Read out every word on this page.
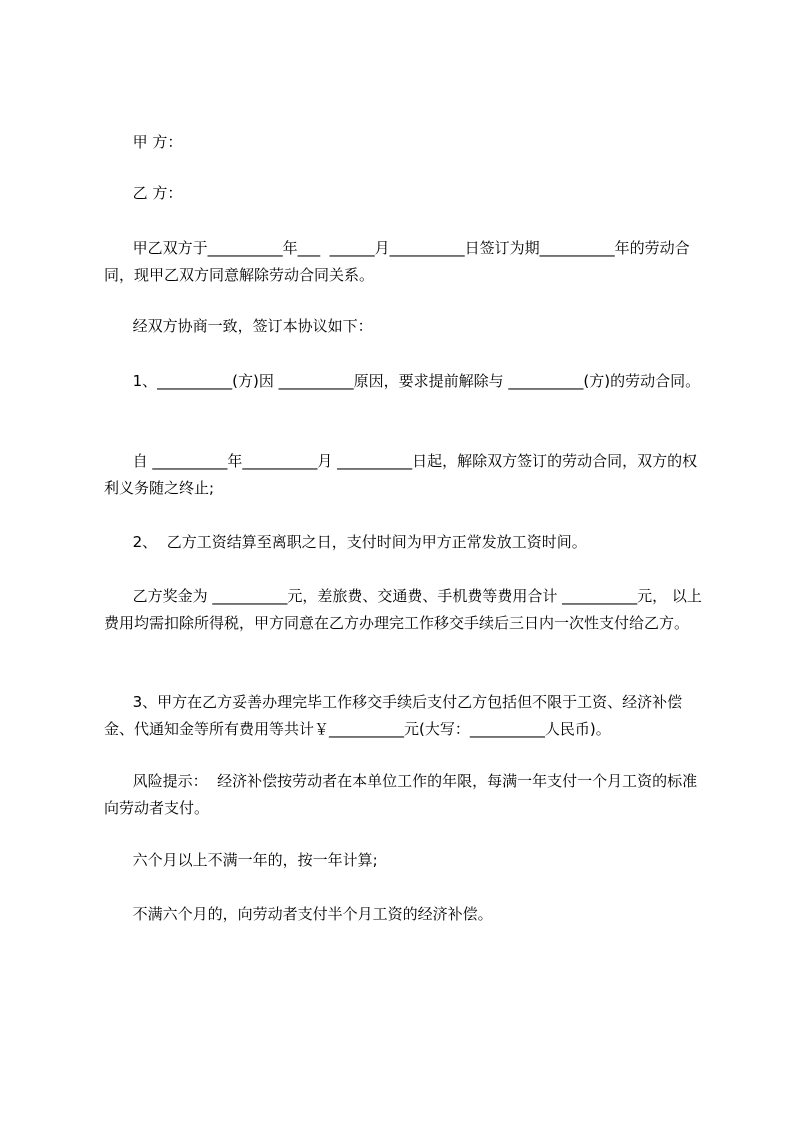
甲 方：

乙 方：

甲乙双方于__________年___  ______月__________日签订为期__________年的劳动合同，现甲乙双方同意解除劳动合同关系。

经双方协商一致，签订本协议如下：

1、__________(方)因 __________原因，要求提前解除与 __________(方)的劳动合同。

自 __________年__________月 __________日起，解除双方签订的劳动合同，双方的权利义务随之终止;

2、  乙方工资结算至离职之日，支付时间为甲方正常发放工资时间。

乙方奖金为 __________元，差旅费、交通费、手机费等费用合计 __________元， 以上费用均需扣除所得税，甲方同意在乙方办理完工作移交手续后三日内一次性支付给乙方。

3、甲方在乙方妥善办理完毕工作移交手续后支付乙方包括但不限于工资、经济补偿金、代通知金等所有费用等共计￥__________元(大写：__________人民币)。

风险提示：  经济补偿按劳动者在本单位工作的年限，每满一年支付一个月工资的标准向劳动者支付。

六个月以上不满一年的，按一年计算;

不满六个月的，向劳动者支付半个月工资的经济补偿。
